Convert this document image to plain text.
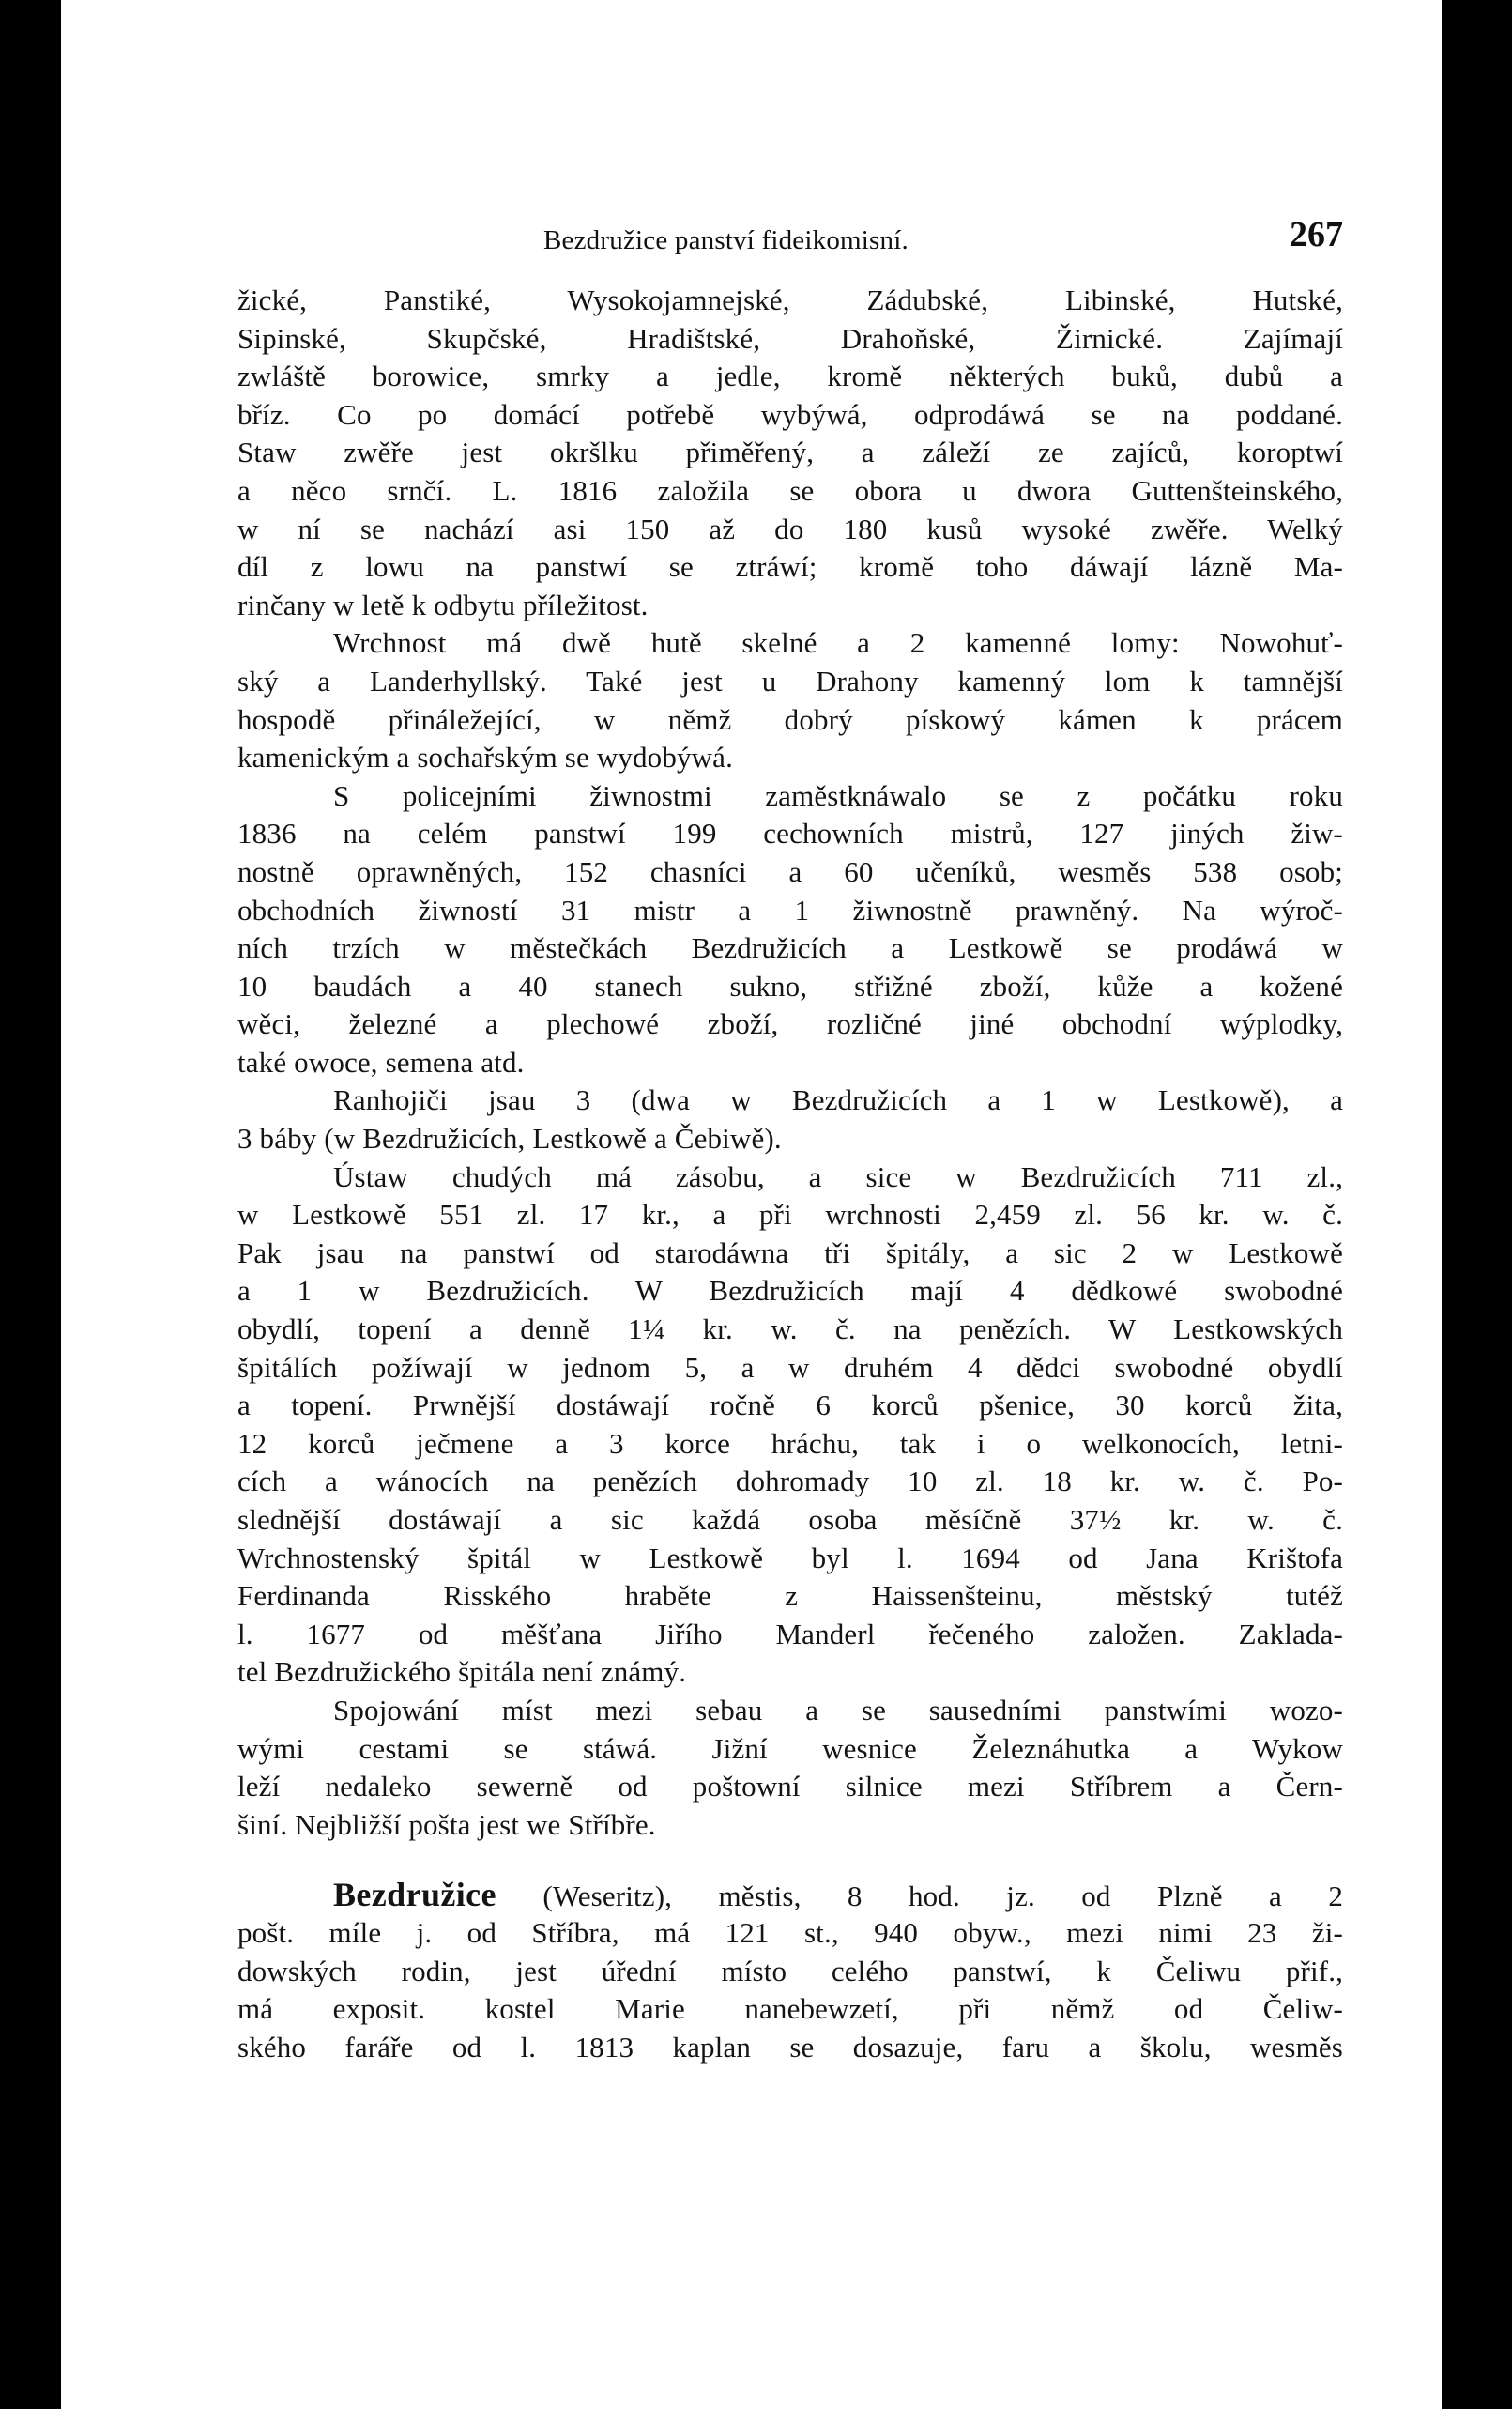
Bezdružice panství fideikomisní.	267
žické, Panstiké, Wysokojamnejské, Zádubské, Libinské, Hutské,
Sipinské, Skupčské, Hradištské, Drahoňské, Žirnické. Zajímají
zwláště borowice, smrky a jedle, kromě některých buků, dubů a
bříz. Co po domácí potřebě wybýwá, odprodáwá se na poddané.
Staw zwěře jest okršlku přiměřený, a záleží ze zajíců, koroptwí
a něco srnčí. L. 1816 založila se obora u dwora Guttenšteinského,
w ní se nachází asi 150 až do 180 kusů wysoké zwěře. Welký
díl z lowu na panstwí se ztráwí; kromě toho dáwají lázně Ma-
rinčany w letě k odbytu příležitost.
Wrchnost má dwě hutě skelné a 2 kamenné lomy: Nowohuť-
ský a Landerhyllský. Také jest u Drahony kamenný lom k tamnější
hospodě přináležející, w němž dobrý pískowý kámen k prácem
kamenickým a sochařským se wydobýwá.
S policejními žiwnostmi zaměstknáwalo se z počátku roku
1836 na celém panstwí 199 cechowních mistrů, 127 jiných žiw-
nostně oprawněných, 152 chasníci a 60 učeníků, wesměs 538 osob;
obchodních žiwností 31 mistr a 1 žiwnostně prawněný. Na wýroč-
ních trzích w městečkách Bezdružicích a Lestkowě se prodáwá w
10 baudách a 40 stanech sukno, střižné zboží, kůže a kožené
wěci, železné a plechowé zboží, rozličné jiné obchodní wýplodky,
také owoce, semena atd.
Ranhojiči jsau 3 (dwa w Bezdružicích a 1 w Lestkowě), a
3 báby (w Bezdružicích, Lestkowě a Čebiwě).
Ústaw chudých má zásobu, a sice w Bezdružicích 711 zl.,
w Lestkowě 551 zl. 17 kr., a při wrchnosti 2,459 zl. 56 kr. w. č.
Pak jsau na panstwí od starodáwna tři špitály, a sic 2 w Lestkowě
a 1 w Bezdružicích. W Bezdružicích mají 4 dědkowé swobodné
obydlí, topení a denně 1¼ kr. w. č. na penězích. W Lestkowských
špitálích požíwají w jednom 5, a w druhém 4 dědci swobodné obydlí
a topení. Prwnější dostáwají ročně 6 korců pšenice, 30 korců žita,
12 korců ječmene a 3 korce hráchu, tak i o welkonocích, letni-
cích a wánocích na penězích dohromady 10 zl. 18 kr. w. č. Po-
slednější dostáwají a sic každá osoba měsíčně 37½ kr. w. č.
Wrchnostenský špitál w Lestkowě byl l. 1694 od Jana Krištofa
Ferdinanda Risského hraběte z Haissenšteinu, městský tutéž
l. 1677 od měšťana Jiřího Manderl řečeného založen. Zaklada-
tel Bezdružického špitála není známý.
Spojowání míst mezi sebau a se sausedními panstwími wozo-
wými cestami se stáwá. Jižní wesnice Železnáhutka a Wykow
leží nedaleko sewerně od poštowní silnice mezi Stříbrem a Čern-
šiní. Nejbližší pošta jest we Stříbře.
Bezdružice (Weseritz), městis, 8 hod. jz. od Plzně a 2
pošt. míle j. od Stříbra, má 121 st., 940 obyw., mezi nimi 23 ži-
dowských rodin, jest úřední místo celého panstwí, k Čeliwu přif.,
má exposit. kostel Marie nanebewzetí, při němž od Čeliw-
ského faráře od l. 1813 kaplan se dosazuje, faru a školu, wesměs
